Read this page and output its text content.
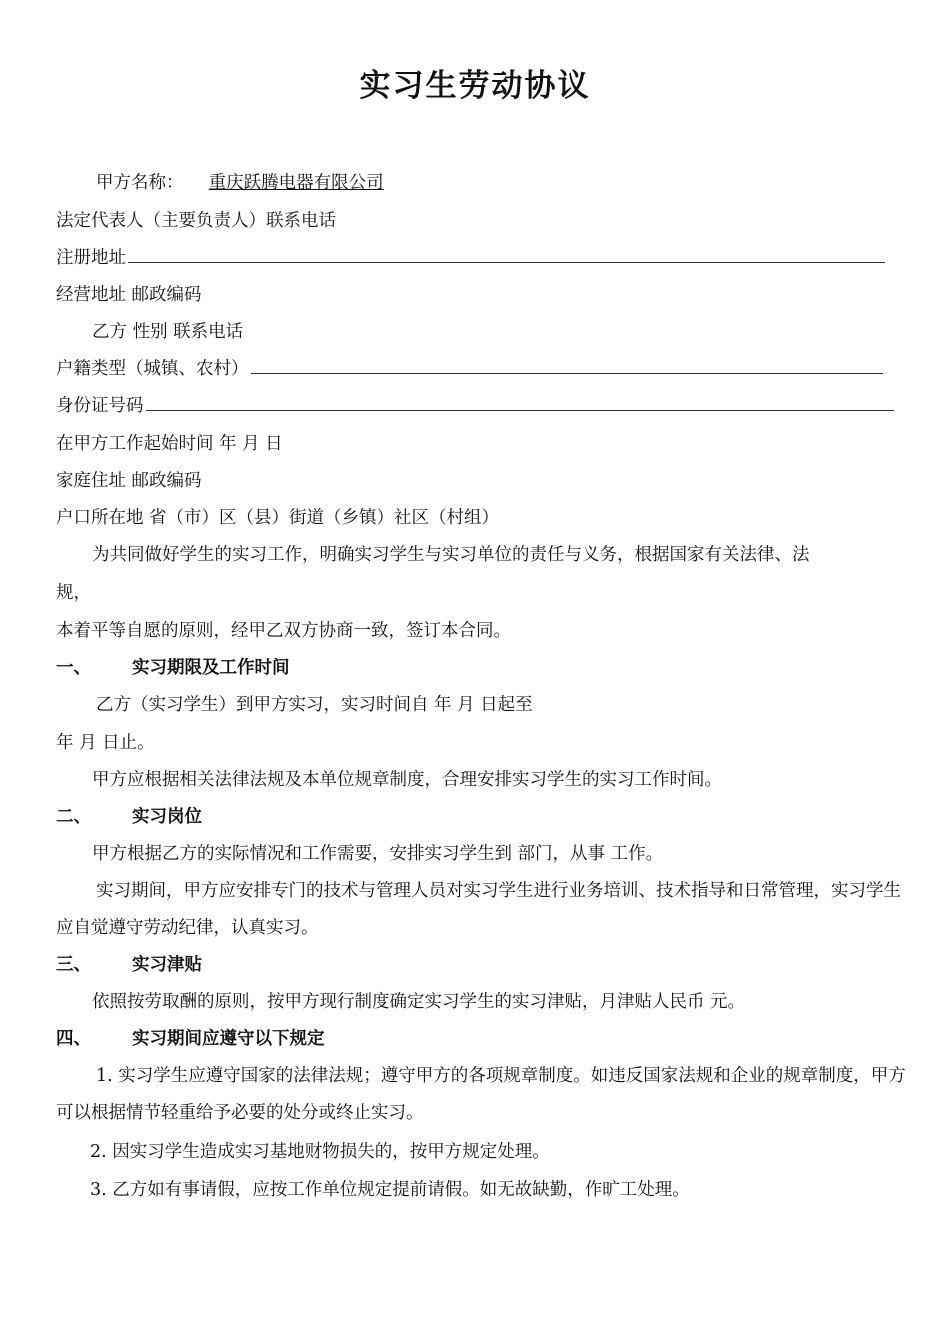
实习生劳动协议
甲方名称： 重庆跃腾电器有限公司
法定代表人（主要负责人）联系电话
注册地址
经营地址 邮政编码
乙方 性别 联系电话
户籍类型（城镇、农村）
身份证号码
在甲方工作起始时间 年 月 日
家庭住址 邮政编码
户口所在地 省（市）区（县）街道（乡镇）社区（村组）
为共同做好学生的实习工作，明确实习学生与实习单位的责任与义务，根据国家有关法律、法
规，
本着平等自愿的原则，经甲乙双方协商一致，签订本合同。
一、 实习期限及工作时间
乙方（实习学生）到甲方实习，实习时间自 年 月 日起至
年 月 日止。
甲方应根据相关法律法规及本单位规章制度，合理安排实习学生的实习工作时间。
二、 实习岗位
甲方根据乙方的实际情况和工作需要，安排实习学生到 部门，从事 工作。
实习期间，甲方应安排专门的技术与管理人员对实习学生进行业务培训、技术指导和日常管理，实习学生应自觉遵守劳动纪律，认真实习。
三、 实习津贴
依照按劳取酬的原则，按甲方现行制度确定实习学生的实习津贴，月津贴人民币 元。
四、 实习期间应遵守以下规定
1. 实习学生应遵守国家的法律法规；遵守甲方的各项规章制度。如违反国家法规和企业的规章制度，甲方可以根据情节轻重给予必要的处分或终止实习。
2. 因实习学生造成实习基地财物损失的，按甲方规定处理。
3. 乙方如有事请假，应按工作单位规定提前请假。如无故缺勤，作旷工处理。
